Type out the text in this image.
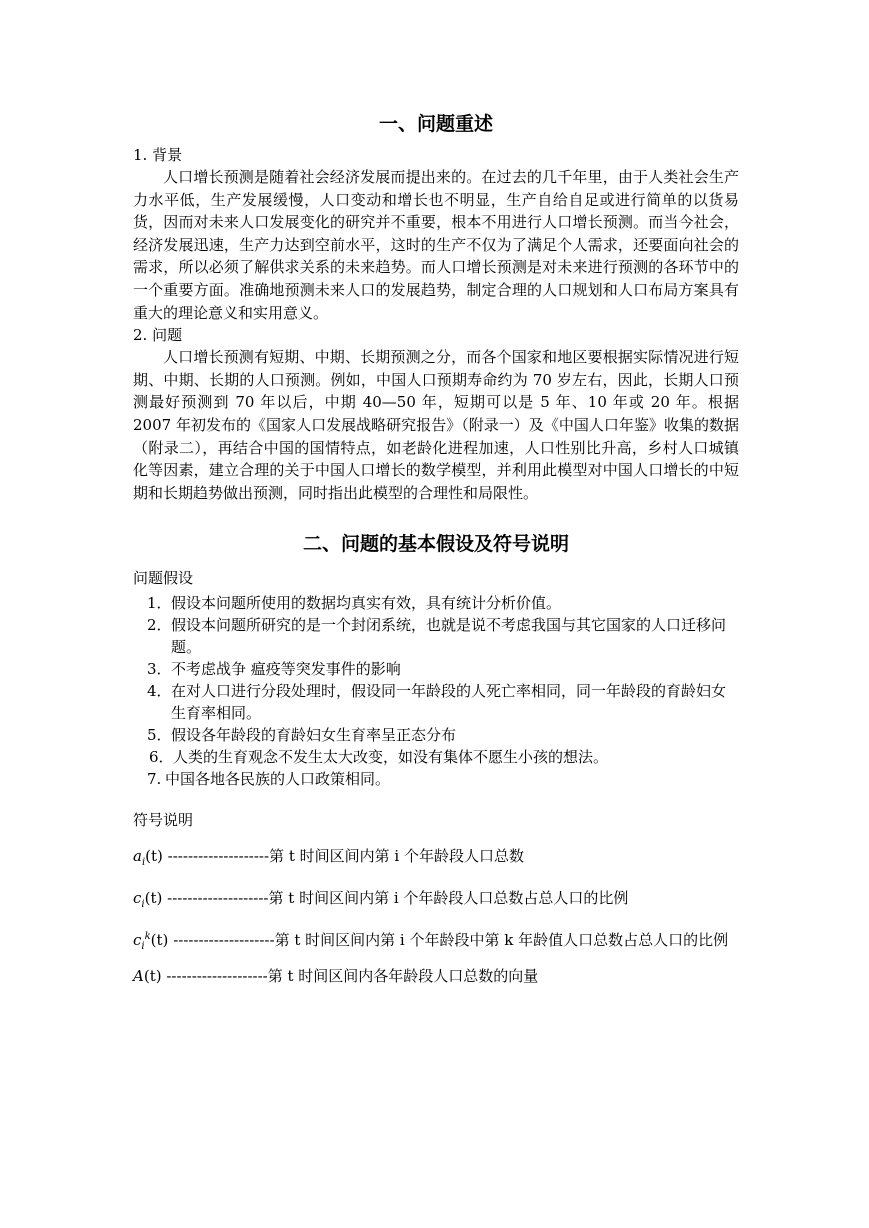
一、问题重述

1. 背景

人口增长预测是随着社会经济发展而提出来的。在过去的几千年里，由于人类社会生产力水平低，生产发展缓慢，人口变动和增长也不明显，生产自给自足或进行简单的以货易货，因而对未来人口发展变化的研究并不重要，根本不用进行人口增长预测。而当今社会，经济发展迅速，生产力达到空前水平，这时的生产不仅为了满足个人需求，还要面向社会的需求，所以必须了解供求关系的未来趋势。而人口增长预测是对未来进行预测的各环节中的一个重要方面。准确地预测未来人口的发展趋势，制定合理的人口规划和人口布局方案具有重大的理论意义和实用意义。

2. 问题

人口增长预测有短期、中期、长期预测之分，而各个国家和地区要根据实际情况进行短期、中期、长期的人口预测。例如，中国人口预期寿命约为 70 岁左右，因此，长期人口预测最好预测到 70 年以后，中期 40—50 年，短期可以是 5 年、10 年或 20 年。根据 2007 年初发布的《国家人口发展战略研究报告》（附录一）及《中国人口年鉴》收集的数据（附录二），再结合中国的国情特点，如老龄化进程加速，人口性别比升高，乡村人口城镇化等因素，建立合理的关于中国人口增长的数学模型，并利用此模型对中国人口增长的中短期和长期趋势做出预测，同时指出此模型的合理性和局限性。

二、问题的基本假设及符号说明

问题假设

1．假设本问题所使用的数据均真实有效，具有统计分析价值。
2．假设本问题所研究的是一个封闭系统，也就是说不考虑我国与其它国家的人口迁移问题。
3．不考虑战争 瘟疫等突发事件的影响
4．在对人口进行分段处理时，假设同一年龄段的人死亡率相同，同一年龄段的育龄妇女生育率相同。
5．假设各年龄段的育龄妇女生育率呈正态分布
6．人类的生育观念不发生太大改变，如没有集体不愿生小孩的想法。
7. 中国各地各民族的人口政策相同。
符号说明
$a_i(t)$ --------------------第 t 时间区间内第 i 个年龄段人口总数
$c_i(t)$ --------------------第 t 时间区间内第 i 个年龄段人口总数占总人口的比例
$c_i^k(t)$ --------------------第 t 时间区间内第 i 个年龄段中第 k 年龄值人口总数占总人口的比例
A(t) --------------------第 t 时间区间内各年龄段人口总数的向量
